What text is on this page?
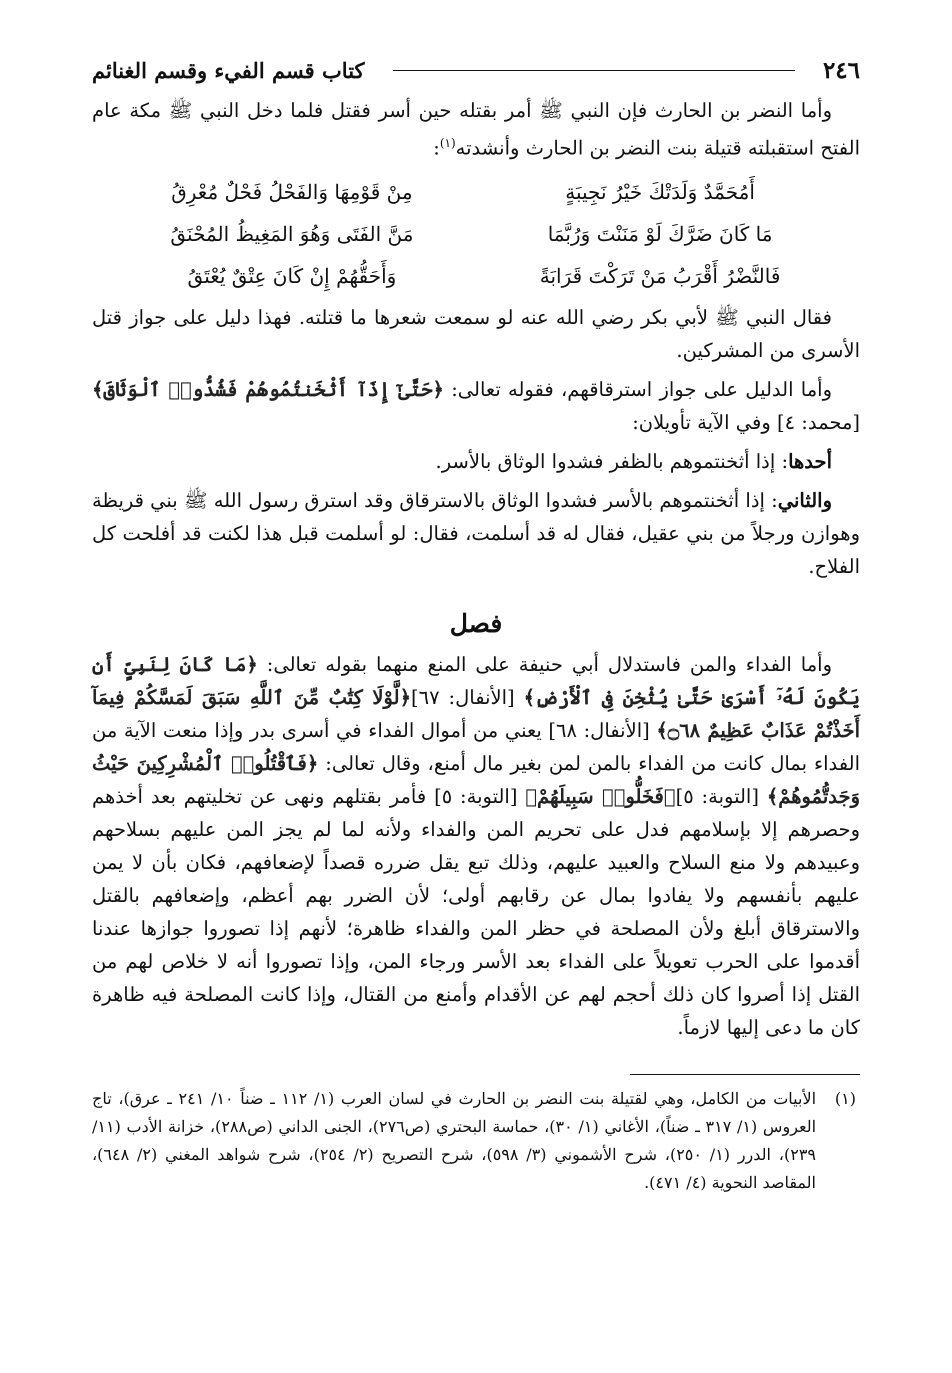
٢٤٦
كتاب قسم الفيء وقسم الغنائم

وأما النضر بن الحارث فإن النبي ﷺ أمر بقتله حين أسر فقتل فلما دخل النبي ﷺ مكة عام الفتح استقبلته قتيلة بنت النضر بن الحارث وأنشدته$^{(١)}$:

أَمُحَمَّدٌ وَلَدَتْكَ خَيْرُ نَجِيبَةٍ
مِنْ قَوْمِهَا وَالفَحْلُ فَحْلٌ مُعْرِقُ
مَا كَانَ ضَرَّكَ لَوْ مَنَنْتَ وَرُبَّمَا
مَنَّ الفَتَى وَهُوَ المَغِيظُ المُحْنَقُ
فَالنَّضْرُ أَقْرَبُ مَنْ تَرَكْتَ قَرَابَةً
وَأَحَقُّهُمْ إِنْ كَانَ عِتْقٌ يُعْتَقُ

فقال النبي ﷺ لأبي بكر رضي الله عنه لو سمعت شعرها ما قتلته. فهذا دليل على جواز قتل الأسرى من المشركين.

وأما الدليل على جواز استرقاقهم، فقوله تعالى: ﴿حَتَّىٰٓ إِذَآ أَثْخَنتُمُوهُمْ فَشُدُّوا۟ ٱلْوَثَاقَ﴾ [محمد: ٤] وفي الآية تأويلان:

أحدها: إذا أثخنتموهم بالظفر فشدوا الوثاق بالأسر.

والثاني: إذا أثخنتموهم بالأسر فشدوا الوثاق بالاسترقاق وقد استرق رسول الله ﷺ بني قريظة وهوازن ورجلاً من بني عقيل، فقال له قد أسلمت، فقال: لو أسلمت قبل هذا لكنت قد أفلحت كل الفلاح.

فصل

وأما الفداء والمن فاستدلال أبي حنيفة على المنع منهما بقوله تعالى: ﴿مَا كَانَ لِنَبِىٍّ أَن يَكُونَ لَهُۥٓ أَسْرَىٰ حَتَّىٰ يُثْخِنَ فِى ٱلْأَرْضِ﴾ [الأنفال: ٦٧]﴿لَّوْلَا كِتَٰبٌ مِّنَ ٱللَّهِ سَبَقَ لَمَسَّكُمْ فِيمَآ أَخَذْتُمْ عَذَابٌ عَظِيمٌ ۝٦٨﴾ [الأنفال: ٦٨] يعني من أموال الفداء في أسرى بدر وإذا منعت الآية من الفداء بمال كانت من الفداء بالمن لمن بغير مال أمنع، وقال تعالى: ﴿فَٱقْتُلُوا۟ ٱلْمُشْرِكِينَ حَيْثُ وَجَدتُّمُوهُمْ﴾ [التوبة: ٥]﴿فَخَلُّوا۟ سَبِيلَهُمْ﴾ [التوبة: ٥] فأمر بقتلهم ونهى عن تخليتهم بعد أخذهم وحصرهم إلا بإسلامهم فدل على تحريم المن والفداء ولأنه لما لم يجز المن عليهم بسلاحهم وعبيدهم ولا منع السلاح والعبيد عليهم، وذلك تبع يقل ضرره قصداً لإضعافهم، فكان بأن لا يمن عليهم بأنفسهم ولا يفادوا بمال عن رقابهم أولى؛ لأن الضرر بهم أعظم، وإضعافهم بالقتل والاسترقاق أبلغ ولأن المصلحة في حظر المن والفداء ظاهرة؛ لأنهم إذا تصوروا جوازها عندنا أقدموا على الحرب تعويلاً على الفداء بعد الأسر ورجاء المن، وإذا تصوروا أنه لا خلاص لهم من القتل إذا أصروا كان ذلك أحجم لهم عن الأقدام وأمنع من القتال، وإذا كانت المصلحة فيه ظاهرة كان ما دعى إليها لازماً.

(١)
الأبيات من الكامل، وهي لقتيلة بنت النضر بن الحارث في لسان العرب (١/ ١١٢ ـ ضناً ١٠/ ٢٤١ ـ عرق)، تاج العروس (١/ ٣١٧ ـ ضناً)، الأغاني (١/ ٣٠)، حماسة البحتري (ص٢٧٦)، الجنى الداني (ص٢٨٨)، خزانة الأدب (١١/ ٢٣٩)، الدرر (١/ ٢٥٠)، شرح الأشموني (٣/ ٥٩٨)، شرح التصريح (٢/ ٢٥٤)، شرح شواهد المغني (٢/ ٦٤٨)، المقاصد النحوية (٤/ ٤٧١).
